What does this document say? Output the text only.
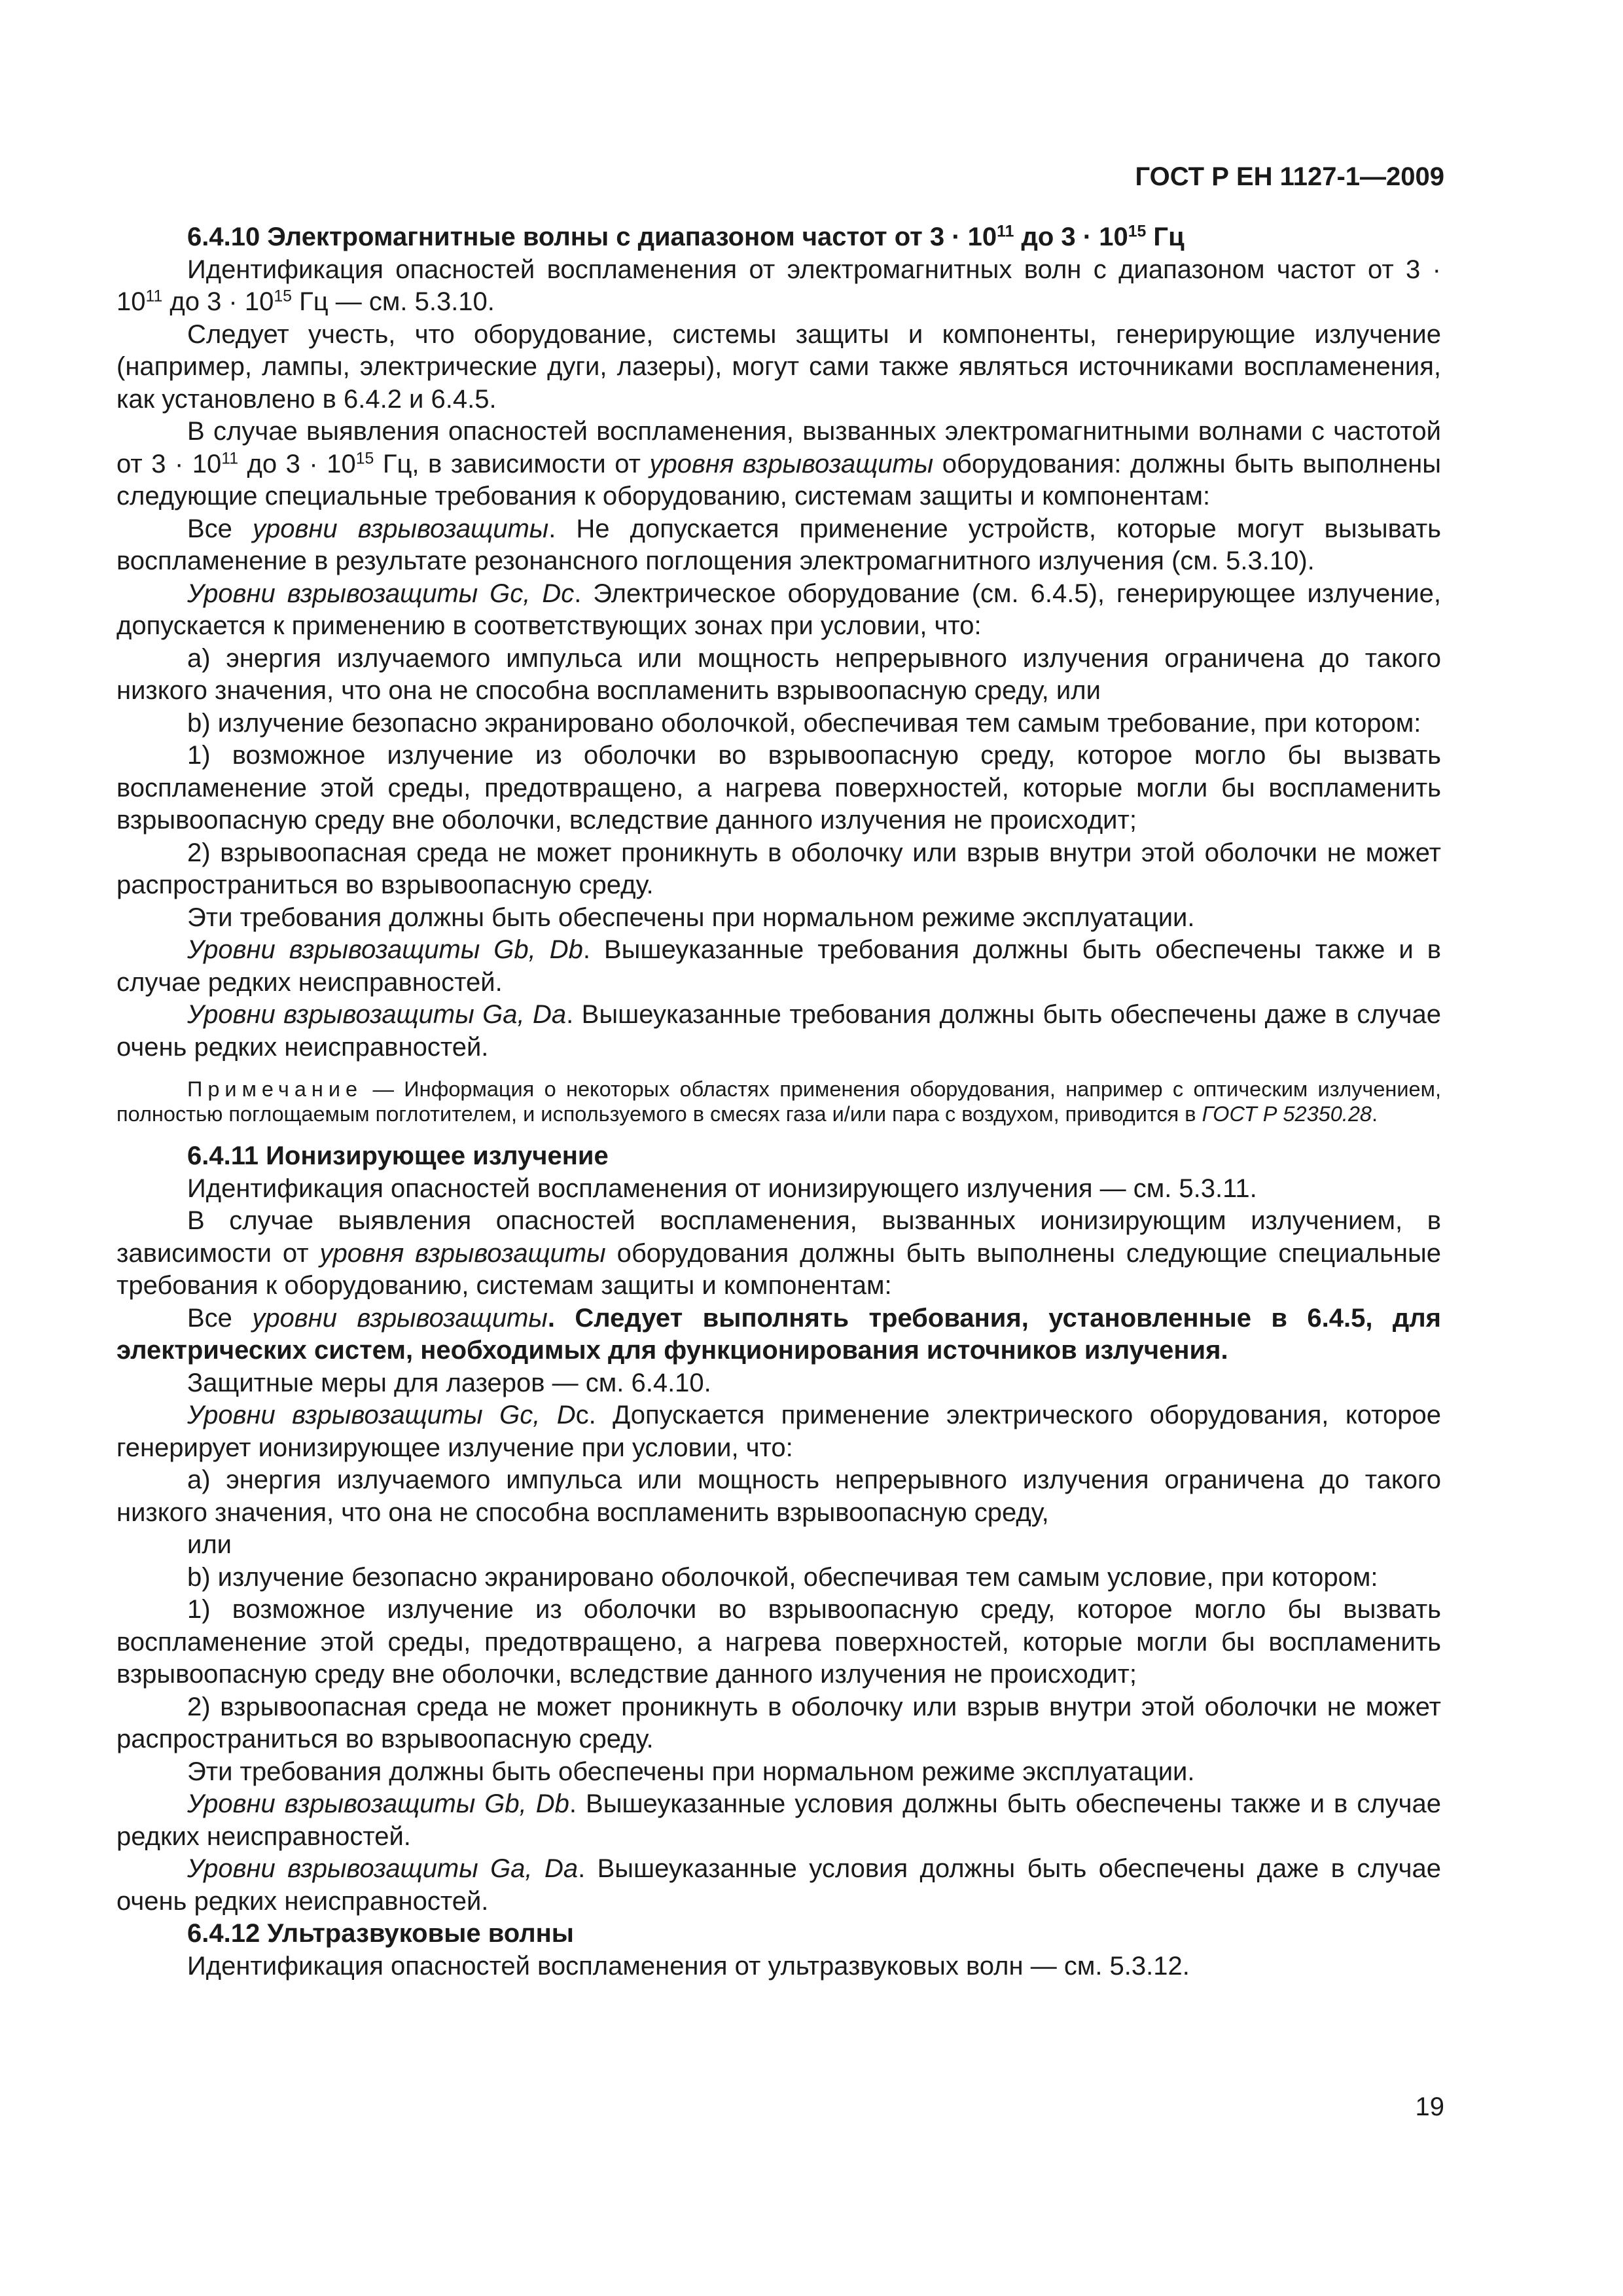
ГОСТ Р ЕН 1127-1—2009
6.4.10 Электромагнитные волны с диапазоном частот от $3 \cdot 10^{11}$ до $3 \cdot 10^{15}$ Гц

Идентификация опасностей воспламенения от электромагнитных волн с диапазоном частот от $3 \cdot 10^{11}$ до $3 \cdot 10^{15}$ Гц — см. 5.3.10.

Следует учесть, что оборудование, системы защиты и компоненты, генерирующие излучение (например, лампы, электрические дуги, лазеры), могут сами также являться источниками воспламенения, как установлено в 6.4.2 и 6.4.5.

В случае выявления опасностей воспламенения, вызванных электромагнитными волнами с частотой от $3 \cdot 10^{11}$ до $3 \cdot 10^{15}$ Гц, в зависимости от уровня взрывозащиты оборудования: должны быть выполнены следующие специальные требования к оборудованию, системам защиты и компонентам:

Все уровни взрывозащиты. Не допускается применение устройств, которые могут вызывать воспламенение в результате резонансного поглощения электромагнитного излучения (см. 5.3.10).

Уровни взрывозащиты Gc, Dc. Электрическое оборудование (см. 6.4.5), генерирующее излучение, допускается к применению в соответствующих зонах при условии, что:

a) энергия излучаемого импульса или мощность непрерывного излучения ограничена до такого низкого значения, что она не способна воспламенить взрывоопасную среду, или

b) излучение безопасно экранировано оболочкой, обеспечивая тем самым требование, при котором:

1) возможное излучение из оболочки во взрывоопасную среду, которое могло бы вызвать воспламенение этой среды, предотвращено, а нагрева поверхностей, которые могли бы воспламенить взрывоопасную среду вне оболочки, вследствие данного излучения не происходит;

2) взрывоопасная среда не может проникнуть в оболочку или взрыв внутри этой оболочки не может распространиться во взрывоопасную среду.

Эти требования должны быть обеспечены при нормальном режиме эксплуатации.

Уровни взрывозащиты Gb, Db. Вышеуказанные требования должны быть обеспечены также и в случае редких неисправностей.

Уровни взрывозащиты Ga, Da. Вышеуказанные требования должны быть обеспечены даже в случае очень редких неисправностей.

Примечание — Информация о некоторых областях применения оборудования, например с оптическим излучением, полностью поглощаемым поглотителем, и используемого в смесях газа и/или пара с воздухом, приводится в ГОСТ Р 52350.28.

6.4.11 Ионизирующее излучение

Идентификация опасностей воспламенения от ионизирующего излучения — см. 5.3.11.

В случае выявления опасностей воспламенения, вызванных ионизирующим излучением, в зависимости от уровня взрывозащиты оборудования должны быть выполнены следующие специальные требования к оборудованию, системам защиты и компонентам:

Все уровни взрывозащиты. Следует выполнять требования, установленные в 6.4.5, для электрических систем, необходимых для функционирования источников излучения.

Защитные меры для лазеров — см. 6.4.10.

Уровни взрывозащиты Gc, Dc. Допускается применение электрического оборудования, которое генерирует ионизирующее излучение при условии, что:

a) энергия излучаемого импульса или мощность непрерывного излучения ограничена до такого низкого значения, что она не способна воспламенить взрывоопасную среду,

или

b) излучение безопасно экранировано оболочкой, обеспечивая тем самым условие, при котором:

1) возможное излучение из оболочки во взрывоопасную среду, которое могло бы вызвать воспламенение этой среды, предотвращено, а нагрева поверхностей, которые могли бы воспламенить взрывоопасную среду вне оболочки, вследствие данного излучения не происходит;

2) взрывоопасная среда не может проникнуть в оболочку или взрыв внутри этой оболочки не может распространиться во взрывоопасную среду.

Эти требования должны быть обеспечены при нормальном режиме эксплуатации.

Уровни взрывозащиты Gb, Db. Вышеуказанные условия должны быть обеспечены также и в случае редких неисправностей.

Уровни взрывозащиты Ga, Da. Вышеуказанные условия должны быть обеспечены даже в случае очень редких неисправностей.

6.4.12 Ультразвуковые волны

Идентификация опасностей воспламенения от ультразвуковых волн — см. 5.3.12.

19
